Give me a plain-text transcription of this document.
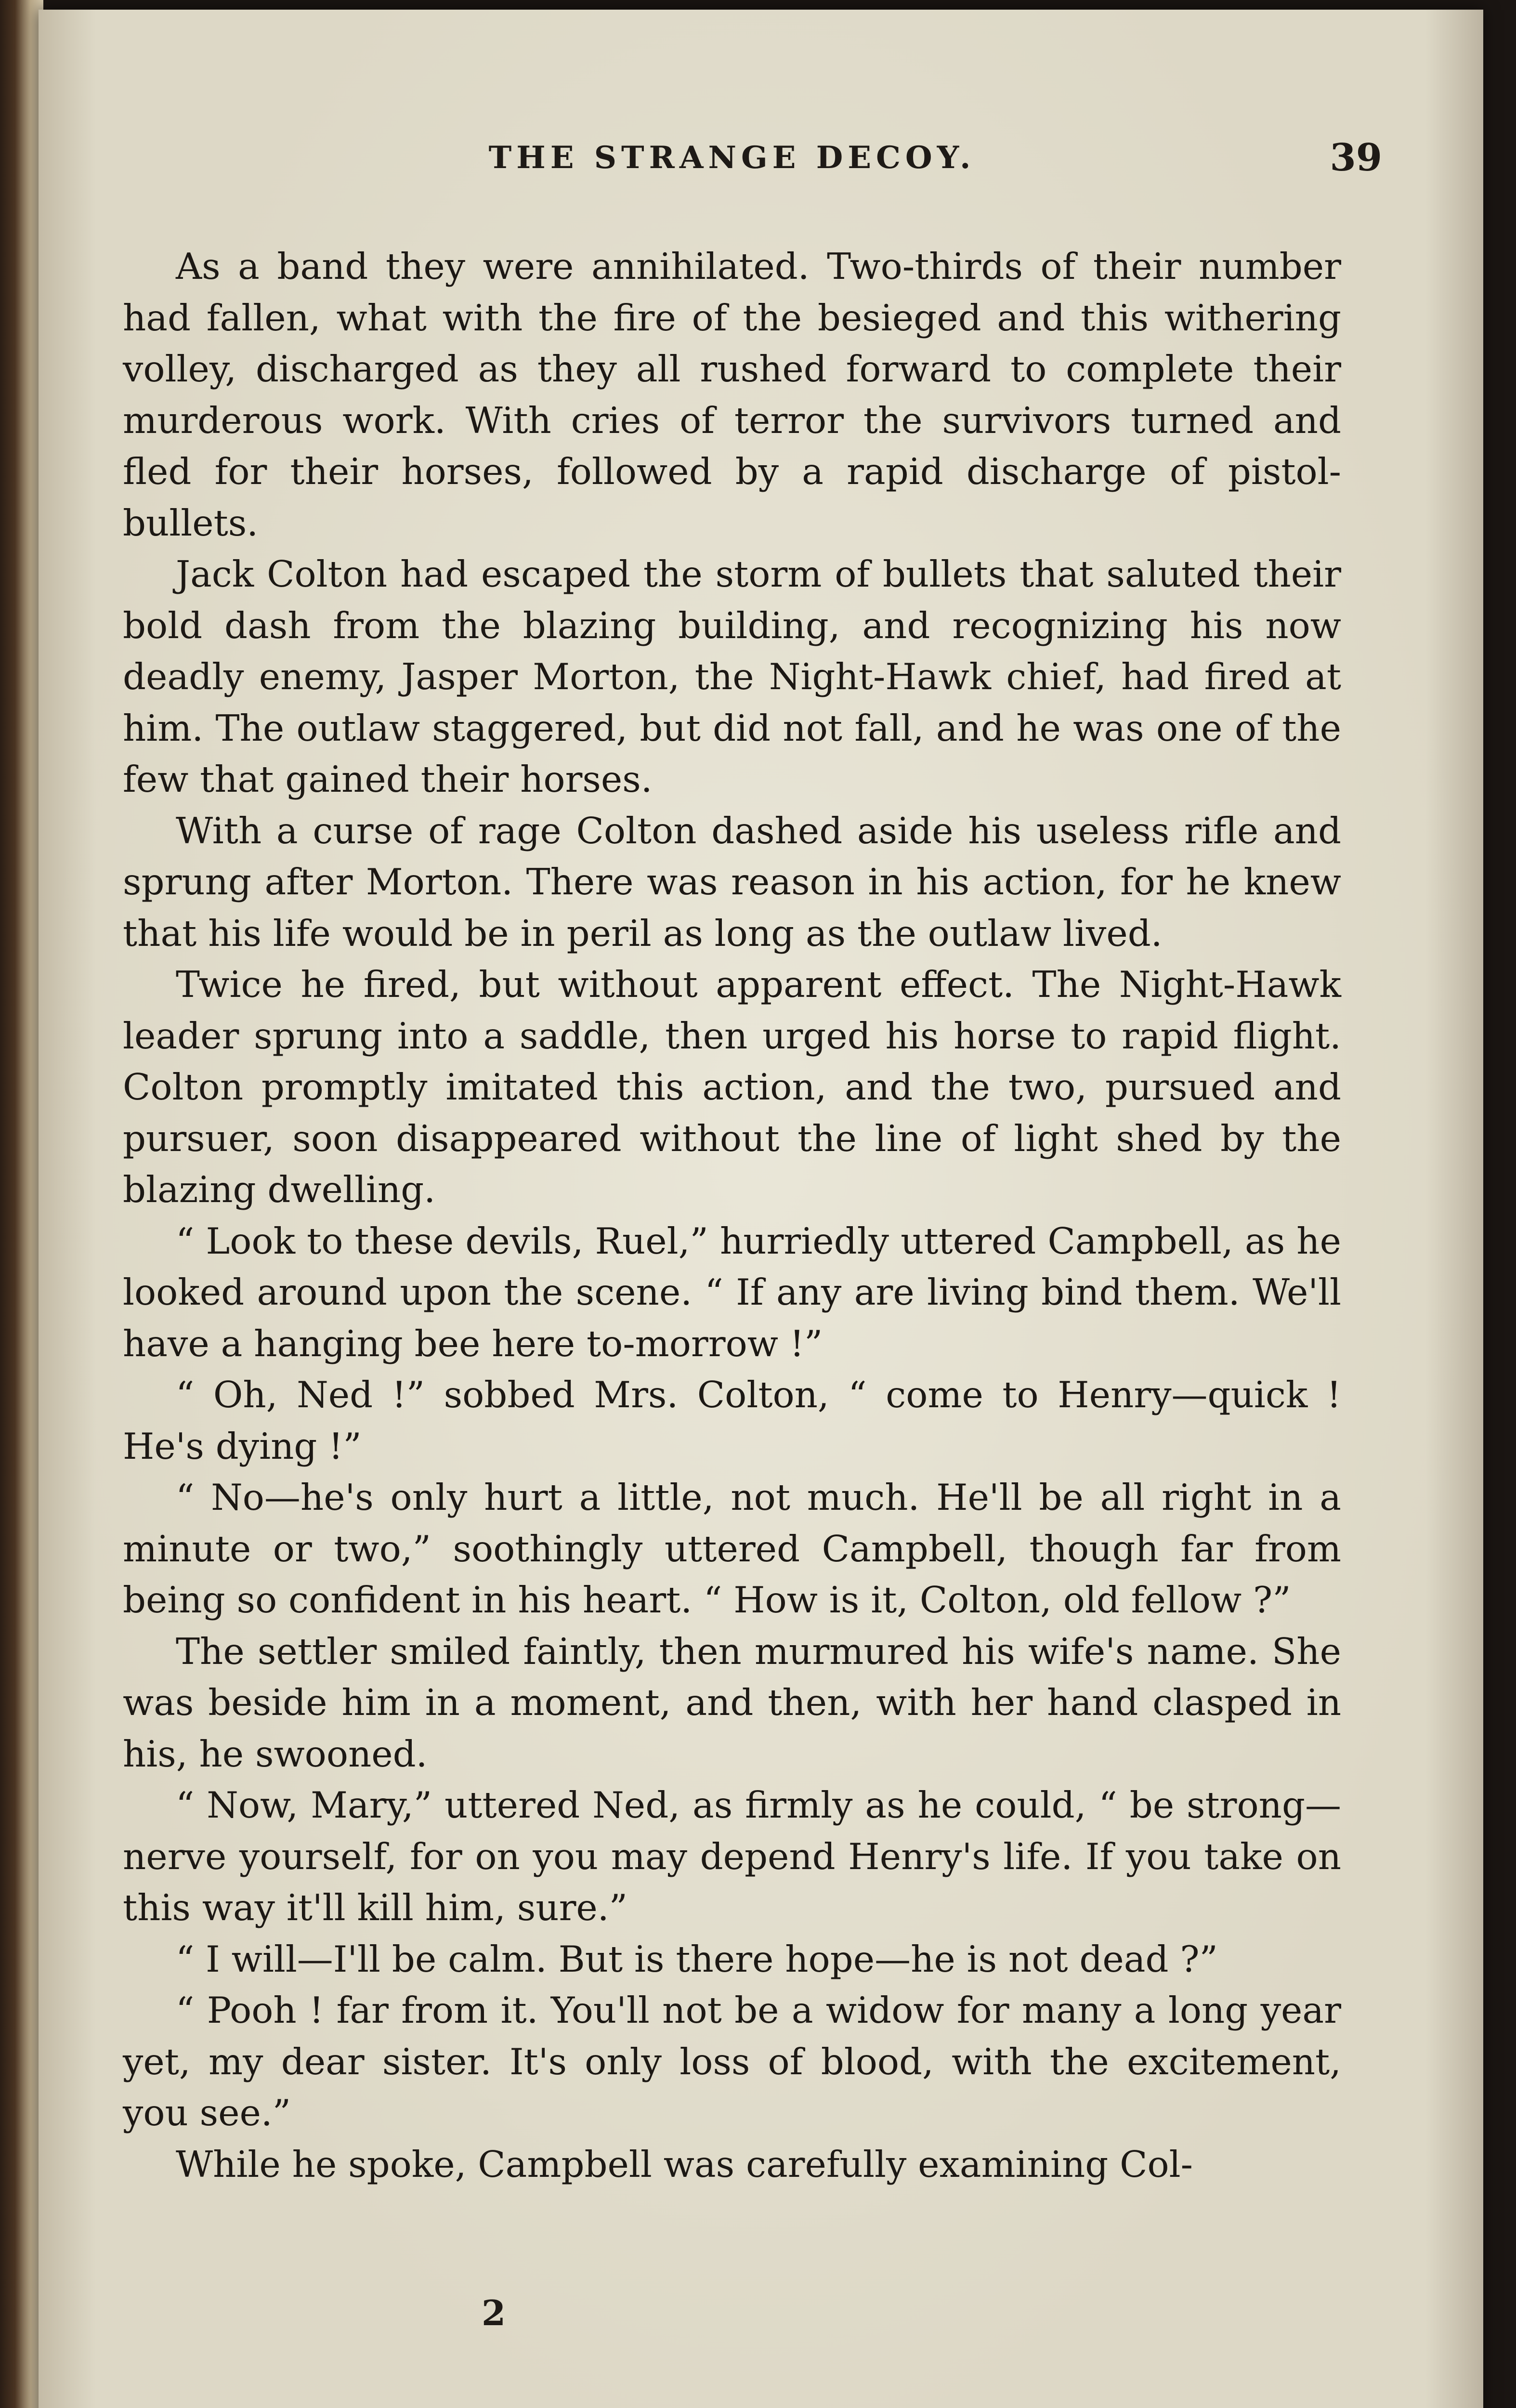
THE STRANGE DECOY.	39

As a band they were annihilated. Two-thirds of their number had fallen, what with the fire of the besieged and this withering volley, discharged as they all rushed forward to complete their murderous work. With cries of terror the survivors turned and fled for their horses, followed by a rapid discharge of pistol-bullets.

Jack Colton had escaped the storm of bullets that saluted their bold dash from the blazing building, and recognizing his now deadly enemy, Jasper Morton, the Night-Hawk chief, had fired at him. The outlaw staggered, but did not fall, and he was one of the few that gained their horses.

With a curse of rage Colton dashed aside his useless rifle and sprung after Morton. There was reason in his action, for he knew that his life would be in peril as long as the outlaw lived.

Twice he fired, but without apparent effect. The Night-Hawk leader sprung into a saddle, then urged his horse to rapid flight. Colton promptly imitated this action, and the two, pursued and pursuer, soon disappeared without the line of light shed by the blazing dwelling.

“ Look to these devils, Ruel,” hurriedly uttered Campbell, as he looked around upon the scene. “ If any are living bind them. We'll have a hanging bee here to-morrow !”

“ Oh, Ned !” sobbed Mrs. Colton, “ come to Henry—quick ! He's dying !”

“ No—he's only hurt a little, not much. He'll be all right in a minute or two,” soothingly uttered Campbell, though far from being so confident in his heart. “ How is it, Colton, old fellow ?”

The settler smiled faintly, then murmured his wife's name. She was beside him in a moment, and then, with her hand clasped in his, he swooned.

“ Now, Mary,” uttered Ned, as firmly as he could, “ be strong—nerve yourself, for on you may depend Henry's life. If you take on this way it'll kill him, sure.”

“ I will—I'll be calm. But is there hope—he is not dead ?”

“ Pooh ! far from it. You'll not be a widow for many a long year yet, my dear sister. It's only loss of blood, with the excitement, you see.”

While he spoke, Campbell was carefully examining Col-

2
